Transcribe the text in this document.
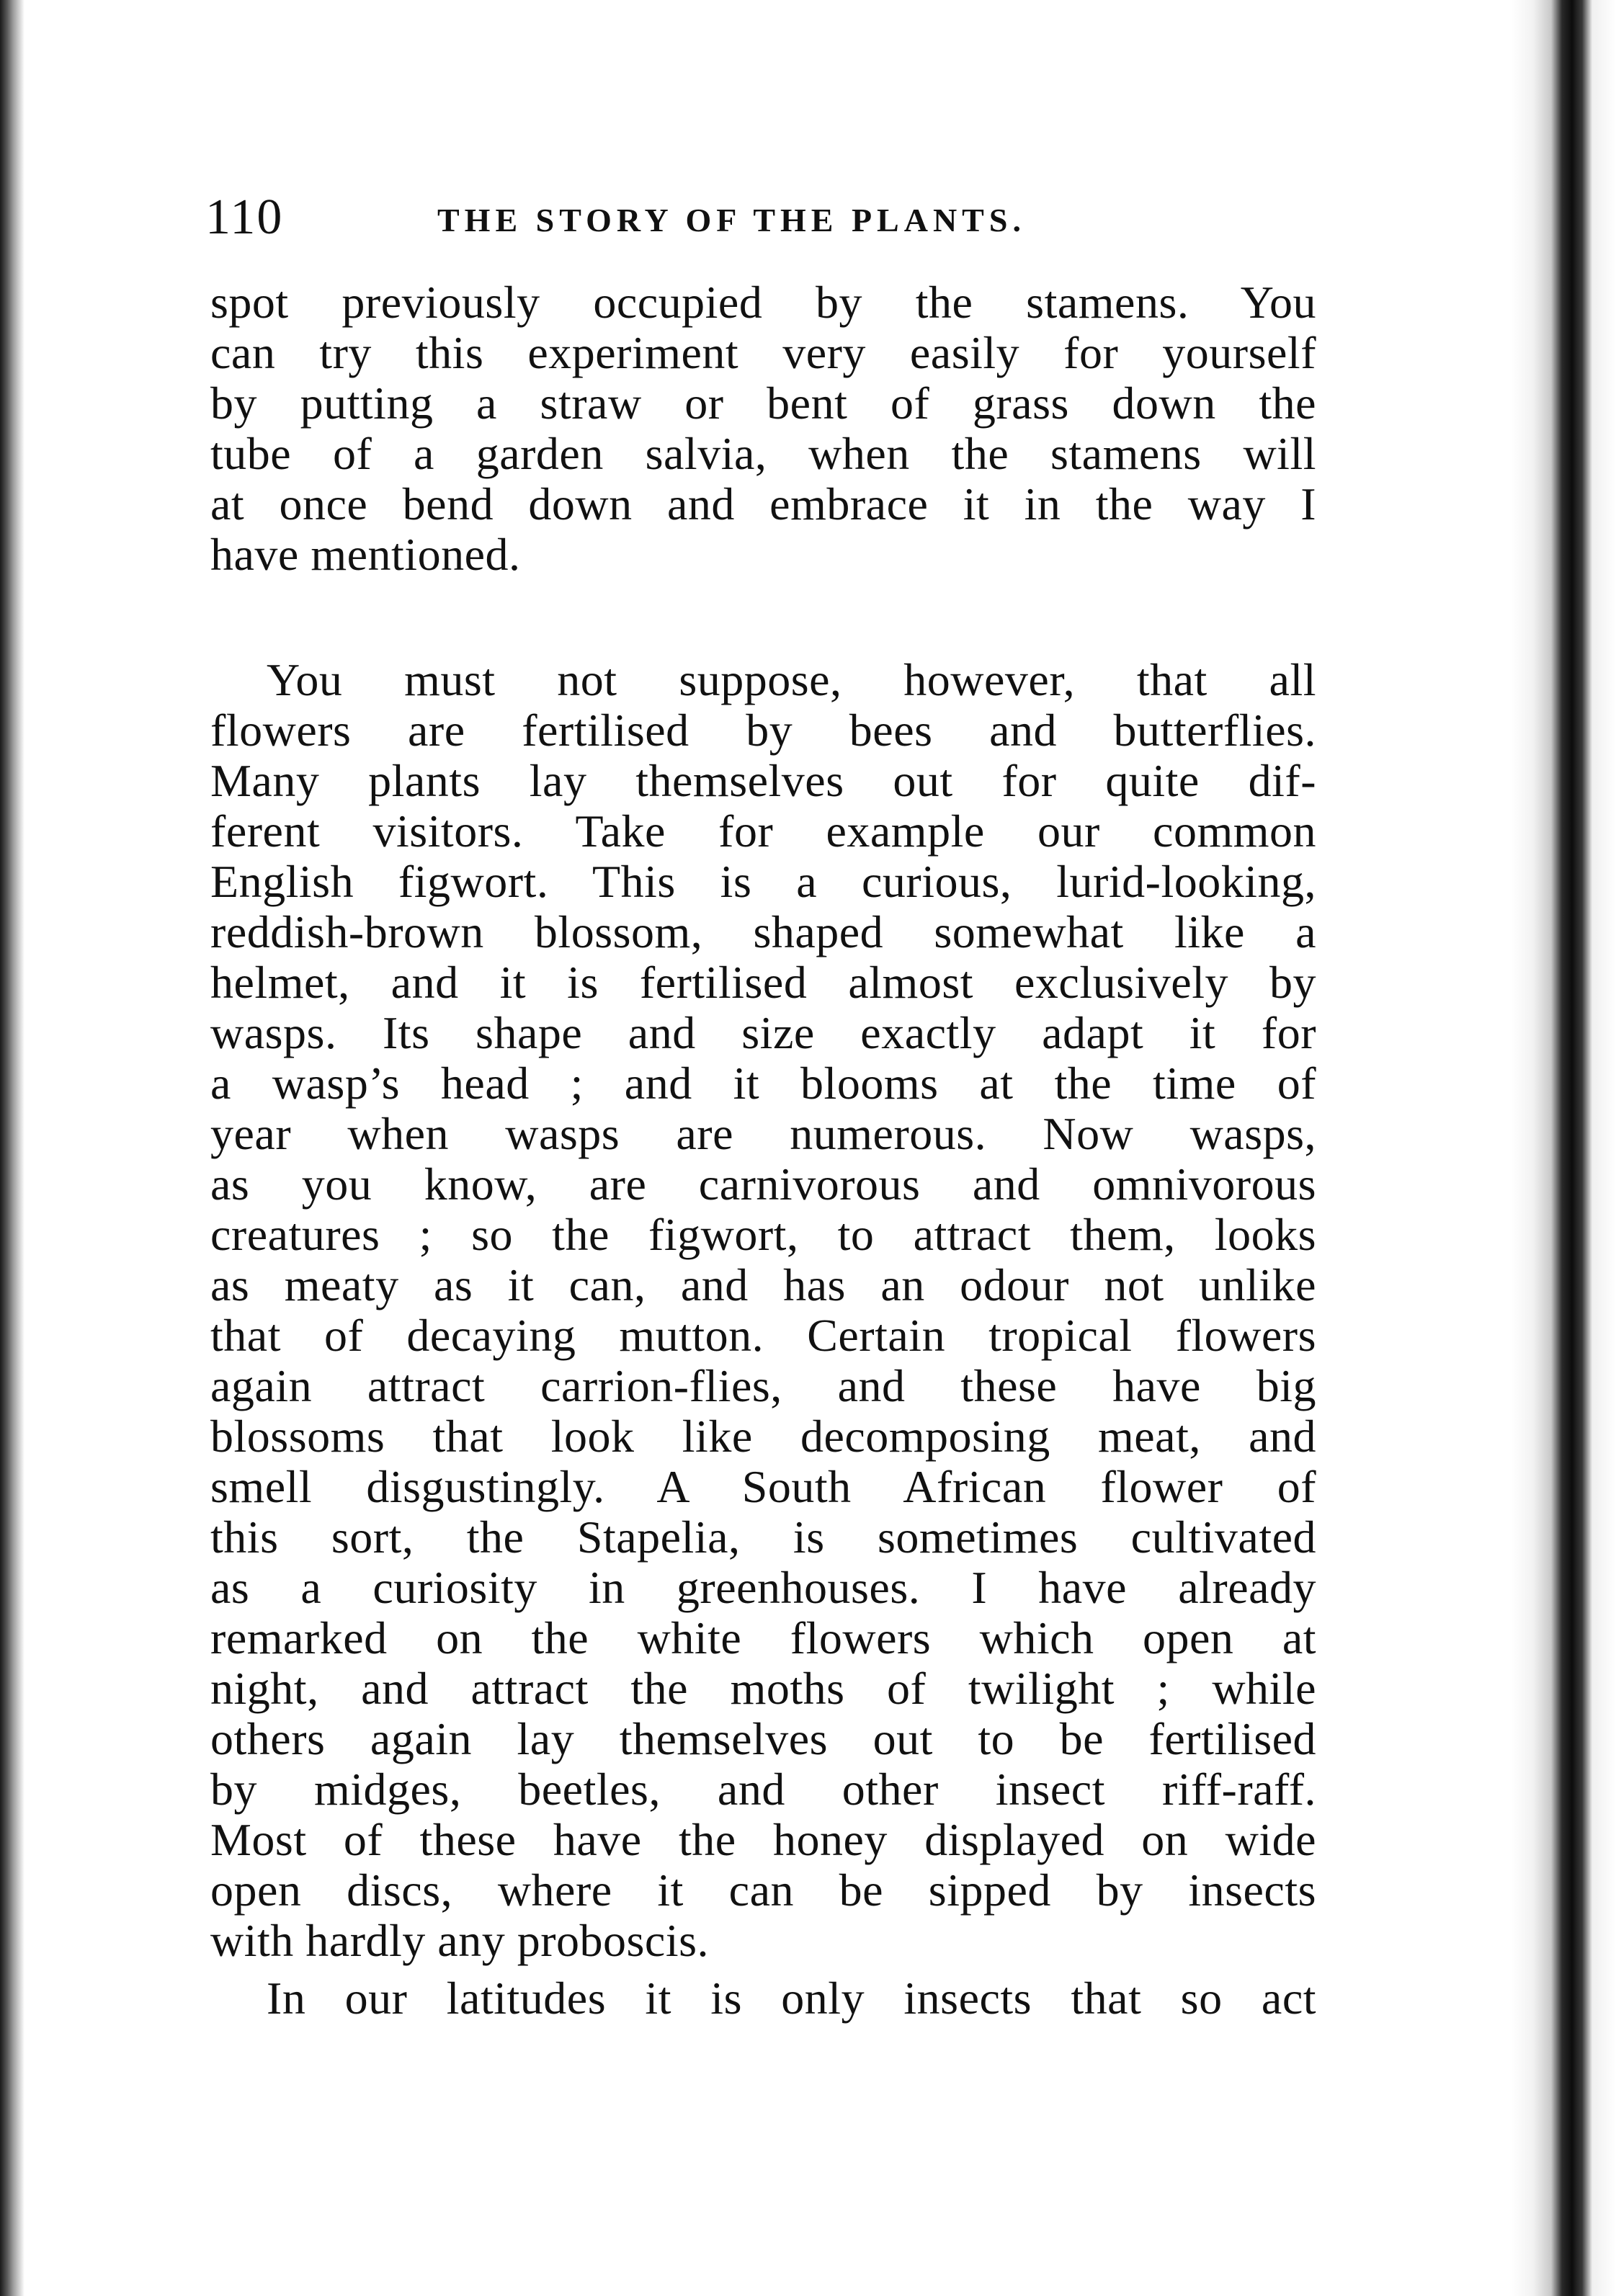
110	THE STORY OF THE PLANTS.
spot previously occupied by the stamens. You
can try this experiment very easily for yourself
by putting a straw or bent of grass down the
tube of a garden salvia, when the stamens will
at once bend down and embrace it in the way I
have mentioned.
You must not suppose, however, that all
flowers are fertilised by bees and butterflies.
Many plants lay themselves out for quite dif-
ferent visitors. Take for example our common
English figwort. This is a curious, lurid-looking,
reddish-brown blossom, shaped somewhat like a
helmet, and it is fertilised almost exclusively by
wasps. Its shape and size exactly adapt it for
a wasp’s head ; and it blooms at the time of
year when wasps are numerous. Now wasps,
as you know, are carnivorous and omnivorous
creatures ; so the figwort, to attract them, looks
as meaty as it can, and has an odour not unlike
that of decaying mutton. Certain tropical flowers
again attract carrion-flies, and these have big
blossoms that look like decomposing meat, and
smell disgustingly. A South African flower of
this sort, the Stapelia, is sometimes cultivated
as a curiosity in greenhouses. I have already
remarked on the white flowers which open at
night, and attract the moths of twilight ; while
others again lay themselves out to be fertilised
by midges, beetles, and other insect riff-raff.
Most of these have the honey displayed on wide
open discs, where it can be sipped by insects
with hardly any proboscis.
In our latitudes it is only insects that so act
